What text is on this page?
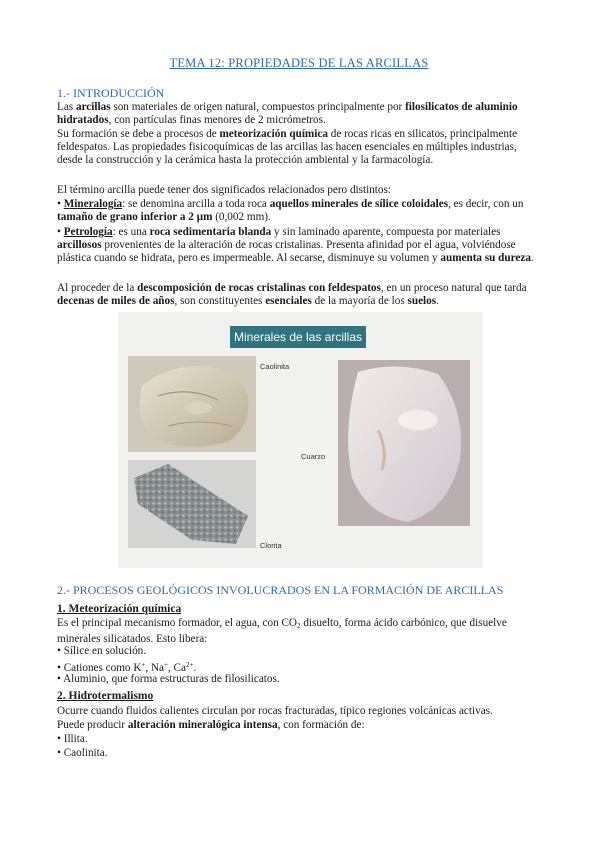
TEMA 12: PROPIEDADES DE LAS ARCILLAS
1.- INTRODUCCIÓN
Las arcillas son materiales de origen natural, compuestos principalmente por filosilicatos de aluminio hidratados, con partículas finas menores de 2 micrómetros.
Su formación se debe a procesos de meteorización química de rocas ricas en silicatos, principalmente feldespatos. Las propiedades fisicoquímicas de las arcillas las hacen esenciales en múltiples industrias, desde la construcción y la cerámica hasta la protección ambiental y la farmacología.
El término arcilla puede tener dos significados relacionados pero distintos:
• Mineralogía: se denomina arcilla a toda roca aquellos minerales de sílice coloidales, es decir, con un tamaño de grano inferior a 2 µm (0,002 mm).
• Petrología: es una roca sedimentaria blanda y sin laminado aparente, compuesta por materiales arcillosos provenientes de la alteración de rocas cristalinas. Presenta afinidad por el agua, volviéndose plástica cuando se hidrata, pero es impermeable. Al secarse, disminuye su volumen y aumenta su dureza.
Al proceder de la descomposición de rocas cristalinas con feldespatos, en un proceso natural que tarda decenas de miles de años, son constituyentes esenciales de la mayoría de los suelos.
Minerales de las arcillas
Caolinita
Clorita
Cuarzo
2.- PROCESOS GEOLÓGICOS INVOLUCRADOS EN LA FORMACIÓN DE ARCILLAS
1. Meteorización química
Es el principal mecanismo formador, el agua, con $CO_2$ disuelto, forma ácido carbónico, que disuelve minerales silicatados. Esto libera:
• Sílice en solución.
• Cationes como K+, Na+, $Ca^{2+}$.
• Aluminio, que forma estructuras de filosilicatos.
2. Hidrotermalismo
Ocurre cuando fluidos calientes circulan por rocas fracturadas, típico regiones volcánicas activas.
Puede producir alteración mineralógica intensa, con formación de:
• Illita.
• Caolinita.
